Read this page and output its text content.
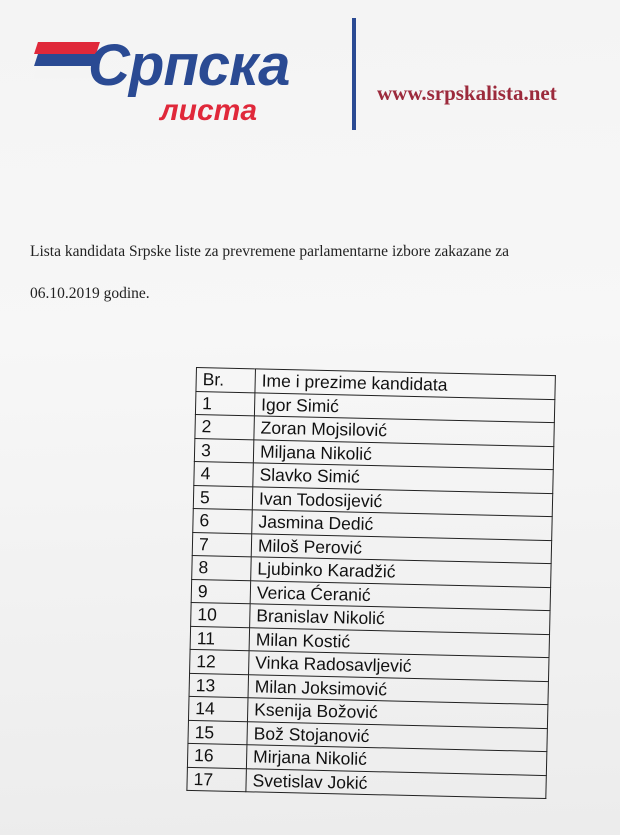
Српска
листа
www.srpskalista.net
Lista kandidata Srpske liste za prevremene parlamentarne izbore zakazane za
06.10.2019 godine.
Br.	Ime i prezime kandidata
1	Igor Simić
2	Zoran Mojsilović
3	Miljana Nikolić
4	Slavko Simić
5	Ivan Todosijević
6	Jasmina Dedić
7	Miloš Perović
8	Ljubinko Karadžić
9	Verica Ćeranić
10	Branislav Nikolić
11	Milan Kostić
12	Vinka Radosavljević
13	Milan Joksimović
14	Ksenija Božović
15	Bož Stojanović
16	Mirjana Nikolić
17	Svetislav Jokić
